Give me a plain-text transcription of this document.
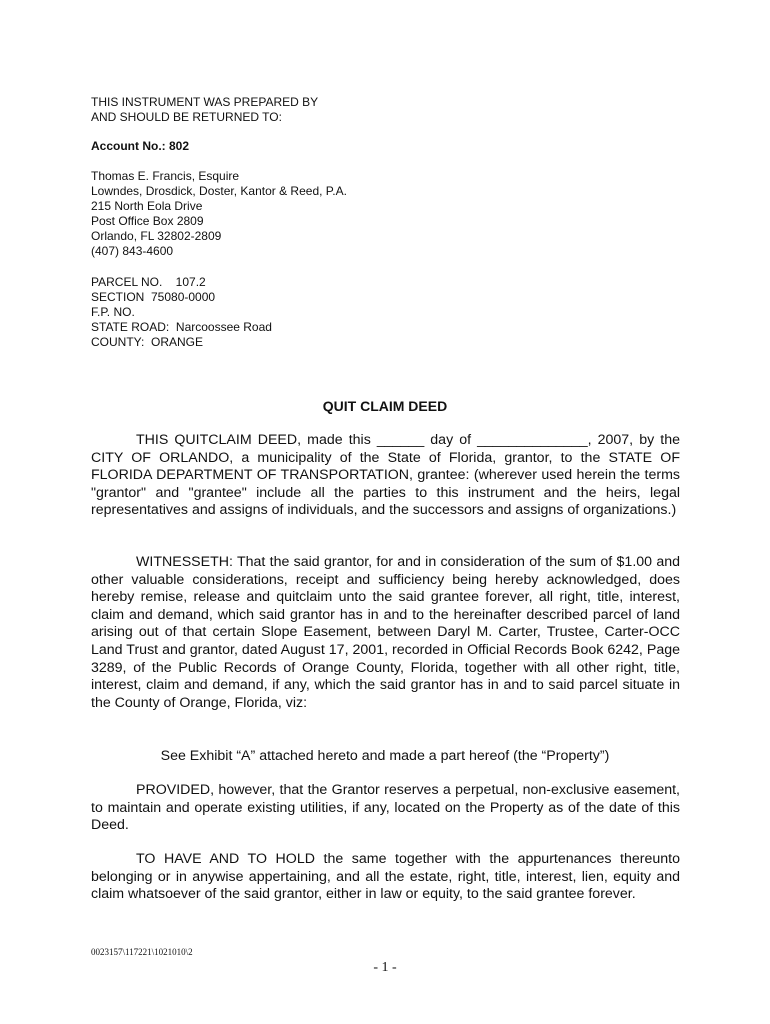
THIS INSTRUMENT WAS PREPARED BY
AND SHOULD BE RETURNED TO:
Account No.: 802
Thomas E. Francis, Esquire
Lowndes, Drosdick, Doster, Kantor & Reed, P.A.
215 North Eola Drive
Post Office Box 2809
Orlando, FL 32802-2809
(407) 843-4600
PARCEL NO.    107.2
SECTION  75080-0000
F.P. NO.
STATE ROAD:  Narcoossee Road
COUNTY:  ORANGE
QUIT CLAIM DEED

THIS QUITCLAIM DEED, made this ______ day of ______________, 2007, by the CITY OF ORLANDO, a municipality of the State of Florida, grantor, to the STATE OF FLORIDA DEPARTMENT OF TRANSPORTATION, grantee: (wherever used herein the terms "grantor" and "grantee" include all the parties to this instrument and the heirs, legal representatives and assigns of individuals, and the successors and assigns of organizations.)

WITNESSETH: That the said grantor, for and in consideration of the sum of $1.00 and other valuable considerations, receipt and sufficiency being hereby acknowledged, does hereby remise, release and quitclaim unto the said grantee forever, all right, title, interest, claim and demand, which said grantor has in and to the hereinafter described parcel of land arising out of that certain Slope Easement, between Daryl M. Carter, Trustee, Carter-OCC Land Trust and grantor, dated August 17, 2001, recorded in Official Records Book 6242, Page 3289, of the Public Records of Orange County, Florida, together with all other right, title, interest, claim and demand, if any, which the said grantor has in and to said parcel situate in the County of Orange, Florida, viz:

See Exhibit “A” attached hereto and made a part hereof (the “Property”)

PROVIDED, however, that the Grantor reserves a perpetual, non-exclusive easement, to maintain and operate existing utilities, if any, located on the Property as of the date of this Deed.

TO HAVE AND TO HOLD the same together with the appurtenances thereunto belonging or in anywise appertaining, and all the estate, right, title, interest, lien, equity and claim whatsoever of the said grantor, either in law or equity, to the said grantee forever.

0023157\117221\1021010\2
- 1 -
